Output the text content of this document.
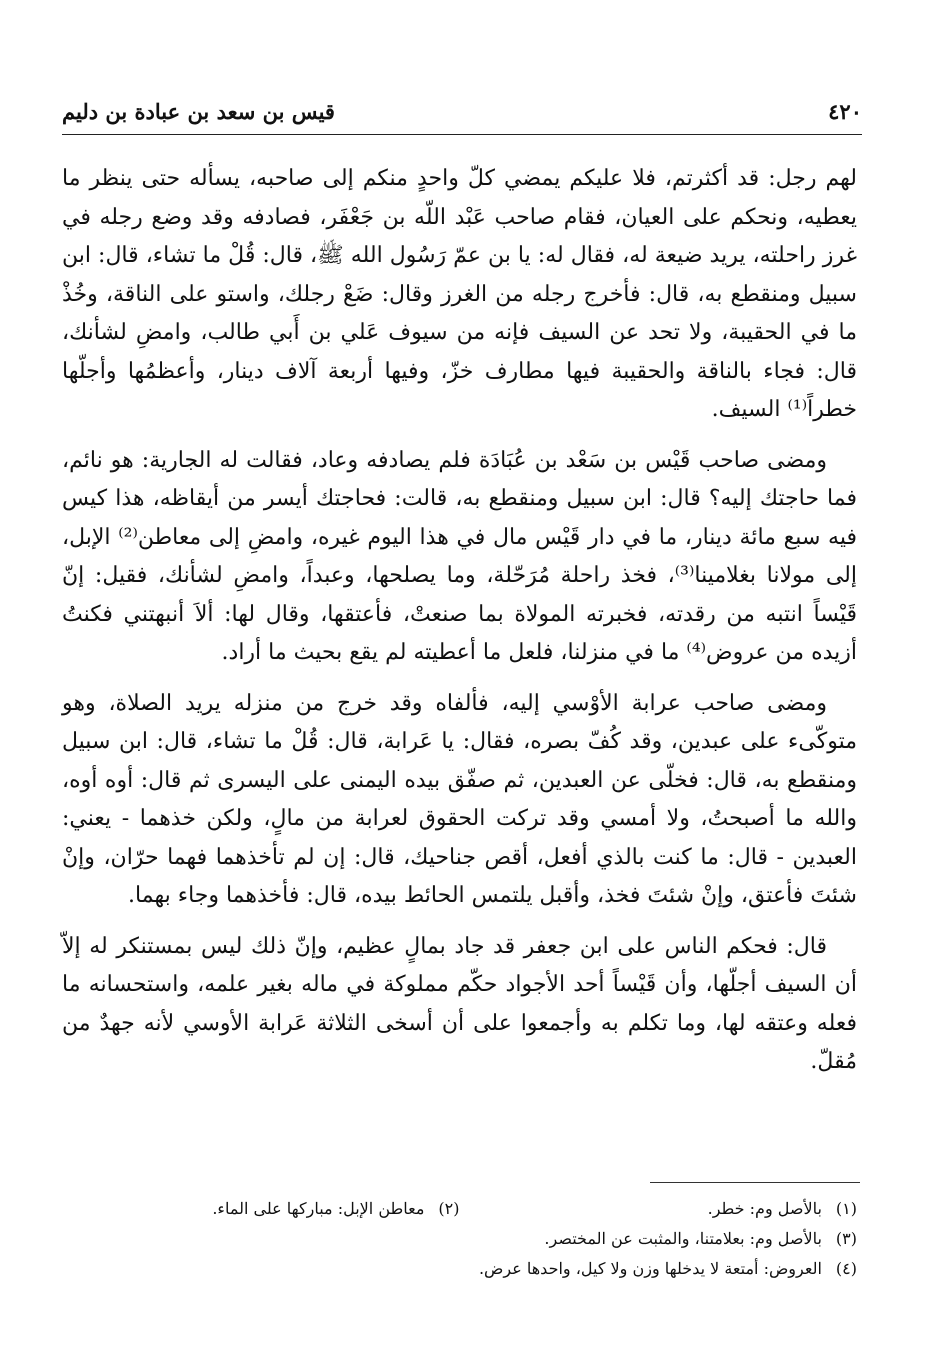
٤٢٠
قيس بن سعد بن عبادة بن دليم

لهم رجل: قد أكثرتم، فلا عليكم يمضي كلّ واحدٍ منكم إلى صاحبه، يسأله حتى ينظر ما يعطيه، ونحكم على العيان، فقام صاحب عَبْد اللّه بن جَعْفَر، فصادفه وقد وضع رجله في غرز راحلته، يريد ضيعة له، فقال له: يا بن عمّ رَسُول الله ﷺ، قال: قُلْ ما تشاء، قال: ابن سبيل ومنقطع به، قال: فأخرج رجله من الغرز وقال: ضَعْ رجلك، واستو على الناقة، وخُذْ ما في الحقيبة، ولا تحد عن السيف فإنه من سيوف عَلي بن أَبي طالب، وامضِ لشأنك، قال: فجاء بالناقة والحقيبة فيها مطارف خزّ، وفيها أربعة آلاف دينار، وأعظمُها وأجلّها خطراً⁽¹⁾ السيف.

ومضى صاحب قَيْس بن سَعْد بن عُبَادَة فلم يصادفه وعاد، فقالت له الجارية: هو نائم، فما حاجتك إليه؟ قال: ابن سبيل ومنقطع به، قالت: فحاجتك أيسر من أيقاظه، هذا كيس فيه سبع مائة دينار، ما في دار قَيْس مال في هذا اليوم غيره، وامضِ إلى معاطن⁽²⁾ الإبل، إلى مولانا بغلامينا⁽³⁾، فخذ راحلة مُرَحّلة، وما يصلحها، وعبداً، وامضِ لشأنك، فقيل: إنّ قَيْساً انتبه من رقدته، فخبرته المولاة بما صنعتْ، فأعتقها، وقال لها: ألاَ أنبهتني فكنتُ أزيده من عروض⁽⁴⁾ ما في منزلنا، فلعل ما أعطيته لم يقع بحيث ما أراد.

ومضى صاحب عرابة الأوْسي إليه، فألفاه وقد خرج من منزله يريد الصلاة، وهو متوكّىء على عبدين، وقد كُفّ بصره، فقال: يا عَرابة، قال: قُلْ ما تشاء، قال: ابن سبيل ومنقطع به، قال: فخلّى عن العبدين، ثم صفّق بيده اليمنى على اليسرى ثم قال: أوه أوه، والله ما أصبحتُ، ولا أمسي وقد تركت الحقوق لعرابة من مالٍ، ولكن خذهما - يعني: العبدين - قال: ما كنت بالذي أفعل، أقص جناحيك، قال: إن لم تأخذهما فهما حرّان، وإنْ شئتَ فأعتق، وإنْ شئتَ فخذ، وأقبل يلتمس الحائط بيده، قال: فأخذهما وجاء بهما.

قال: فحكم الناس على ابن جعفر قد جاد بمالٍ عظيم، وإنّ ذلك ليس بمستنكر له إلاّ أن السيف أجلّها، وأن قَيْساً أحد الأجواد حكّم مملوكة في ماله بغير علمه، واستحسانه ما فعله وعتقه لها، وما تكلم به وأجمعوا على أن أسخى الثلاثة عَرابة الأوسي لأنه جهدٌ من مُقلّ.

(١)بالأصل وم: خطر.
(٢)معاطن الإبل: مباركها على الماء.
(٣)بالأصل وم: بعلامتنا، والمثبت عن المختصر.
(٤)العروض: أمتعة لا يدخلها وزن ولا كيل، واحدها عرض.
